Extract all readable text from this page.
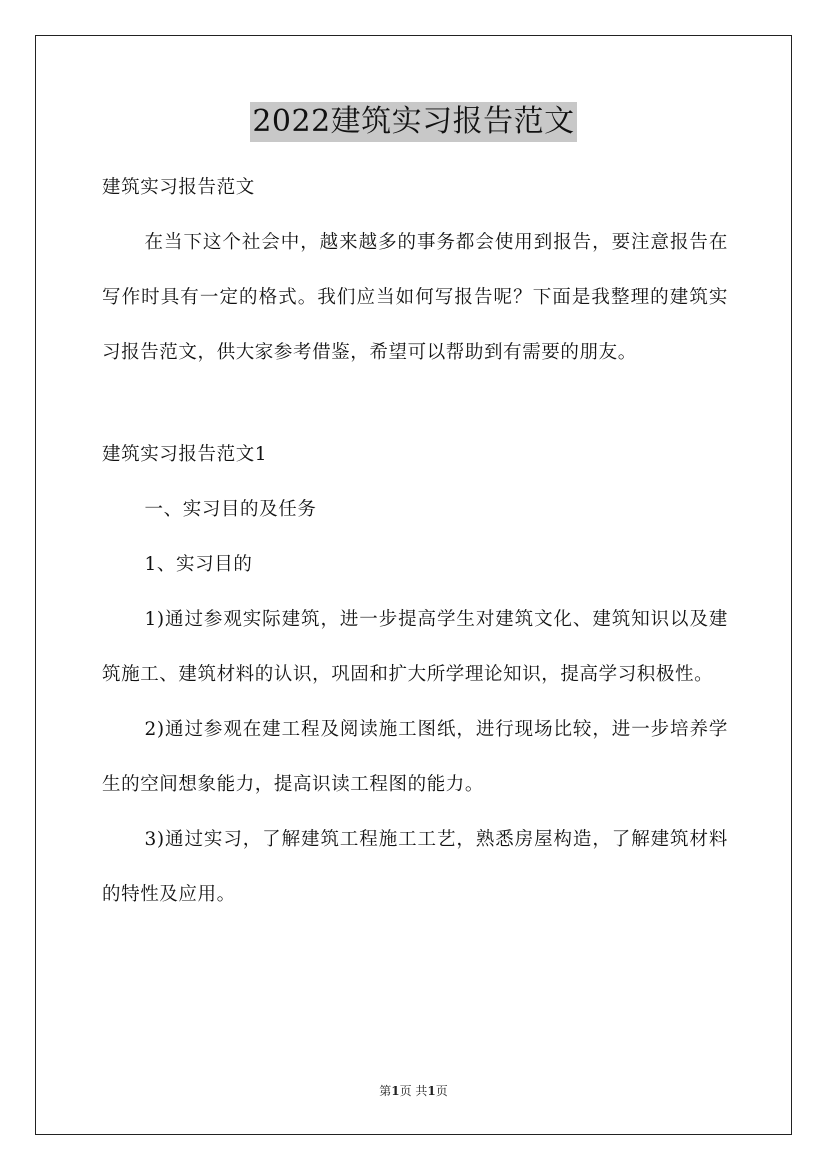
2022建筑实习报告范文

建筑实习报告范文

在当下这个社会中，越来越多的事务都会使用到报告，要注意报告在写作时具有一定的格式。我们应当如何写报告呢？下面是我整理的建筑实习报告范文，供大家参考借鉴，希望可以帮助到有需要的朋友。

建筑实习报告范文1

一、实习目的及任务

1、实习目的

1)通过参观实际建筑，进一步提高学生对建筑文化、建筑知识以及建筑施工、建筑材料的认识，巩固和扩大所学理论知识，提高学习积极性。

2)通过参观在建工程及阅读施工图纸，进行现场比较，进一步培养学生的空间想象能力，提高识读工程图的能力。

3)通过实习，了解建筑工程施工工艺，熟悉房屋构造，了解建筑材料的特性及应用。

第1页 共1页
